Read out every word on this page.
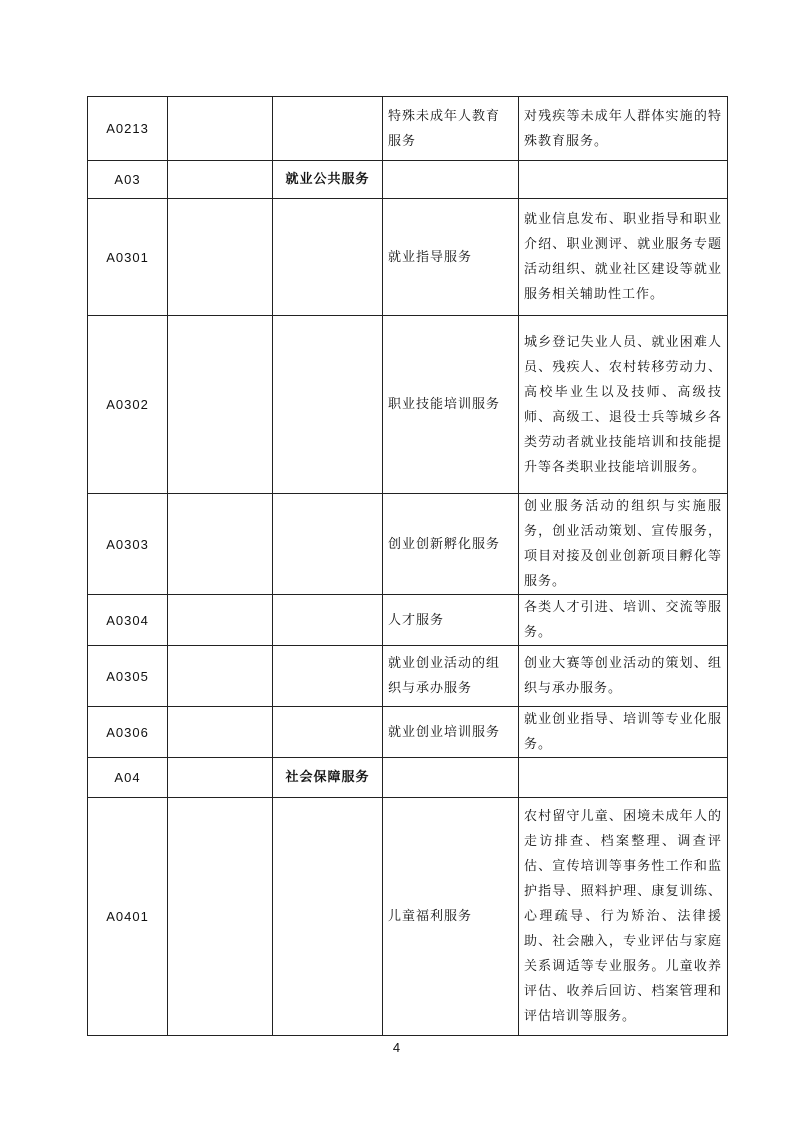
A0213			特殊未成年人教育服务	对残疾等未成年人群体实施的特殊教育服务。
A03		就业公共服务		
A0301			就业指导服务	就业信息发布、职业指导和职业介绍、职业测评、就业服务专题活动组织、就业社区建设等就业服务相关辅助性工作。
A0302			职业技能培训服务	城乡登记失业人员、就业困难人员、残疾人、农村转移劳动力、高校毕业生以及技师、高级技师、高级工、退役士兵等城乡各类劳动者就业技能培训和技能提升等各类职业技能培训服务。
A0303			创业创新孵化服务	创业服务活动的组织与实施服务，创业活动策划、宣传服务，项目对接及创业创新项目孵化等服务。
A0304			人才服务	各类人才引进、培训、交流等服务。
A0305			就业创业活动的组织与承办服务	创业大赛等创业活动的策划、组织与承办服务。
A0306			就业创业培训服务	就业创业指导、培训等专业化服务。
A04		社会保障服务		
A0401			儿童福利服务	农村留守儿童、困境未成年人的走访排查、档案整理、调查评估、宣传培训等事务性工作和监护指导、照料护理、康复训练、心理疏导、行为矫治、法律援助、社会融入，专业评估与家庭关系调适等专业服务。儿童收养评估、收养后回访、档案管理和评估培训等服务。
4
